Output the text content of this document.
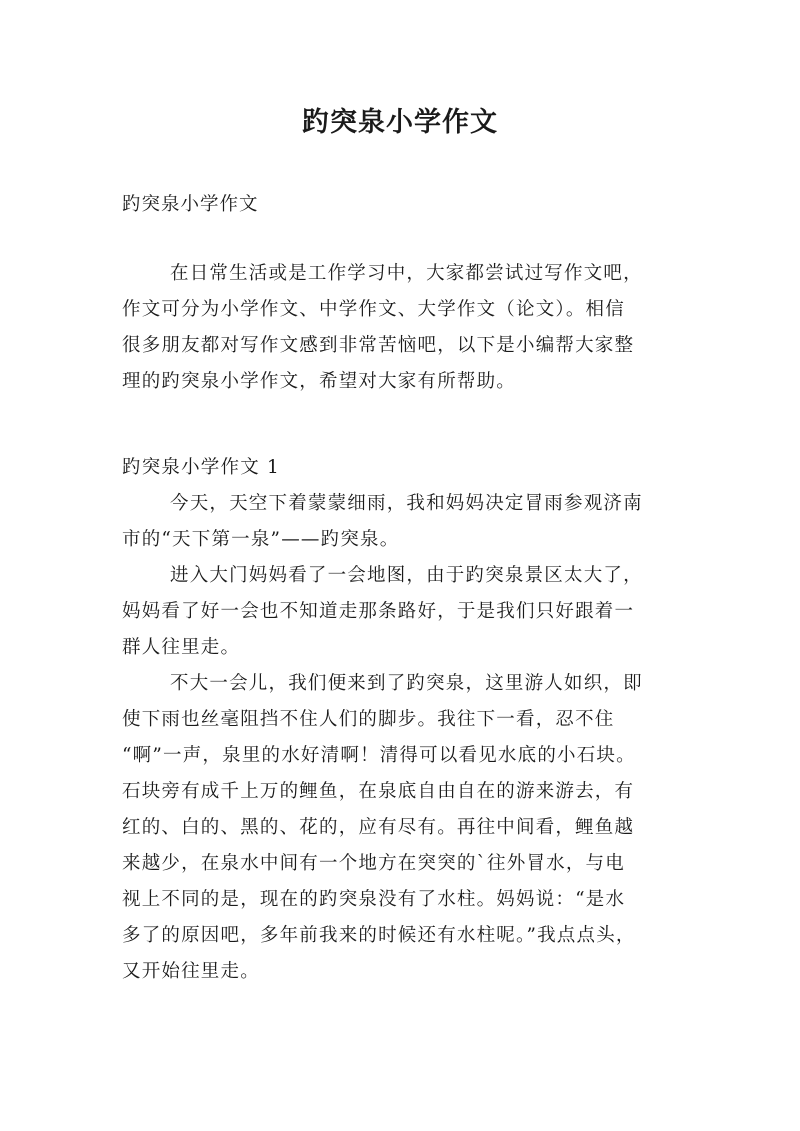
趵突泉小学作文

趵突泉小学作文

在日常生活或是工作学习中，大家都尝试过写作文吧，
作文可分为小学作文、中学作文、大学作文（论文）。相信
很多朋友都对写作文感到非常苦恼吧，以下是小编帮大家整
理的趵突泉小学作文，希望对大家有所帮助。
趵突泉小学作文 1
今天，天空下着蒙蒙细雨，我和妈妈决定冒雨参观济南
市的“天下第一泉”——趵突泉。
进入大门妈妈看了一会地图，由于趵突泉景区太大了，
妈妈看了好一会也不知道走那条路好，于是我们只好跟着一
群人往里走。
不大一会儿，我们便来到了趵突泉，这里游人如织，即
使下雨也丝毫阻挡不住人们的脚步。我往下一看，忍不住
“啊”一声，泉里的水好清啊！清得可以看见水底的小石块。
石块旁有成千上万的鲤鱼，在泉底自由自在的游来游去，有
红的、白的、黑的、花的，应有尽有。再往中间看，鲤鱼越
来越少，在泉水中间有一个地方在突突的`往外冒水，与电
视上不同的是，现在的趵突泉没有了水柱。妈妈说：“是水
多了的原因吧，多年前我来的时候还有水柱呢。”我点点头，
又开始往里走。
